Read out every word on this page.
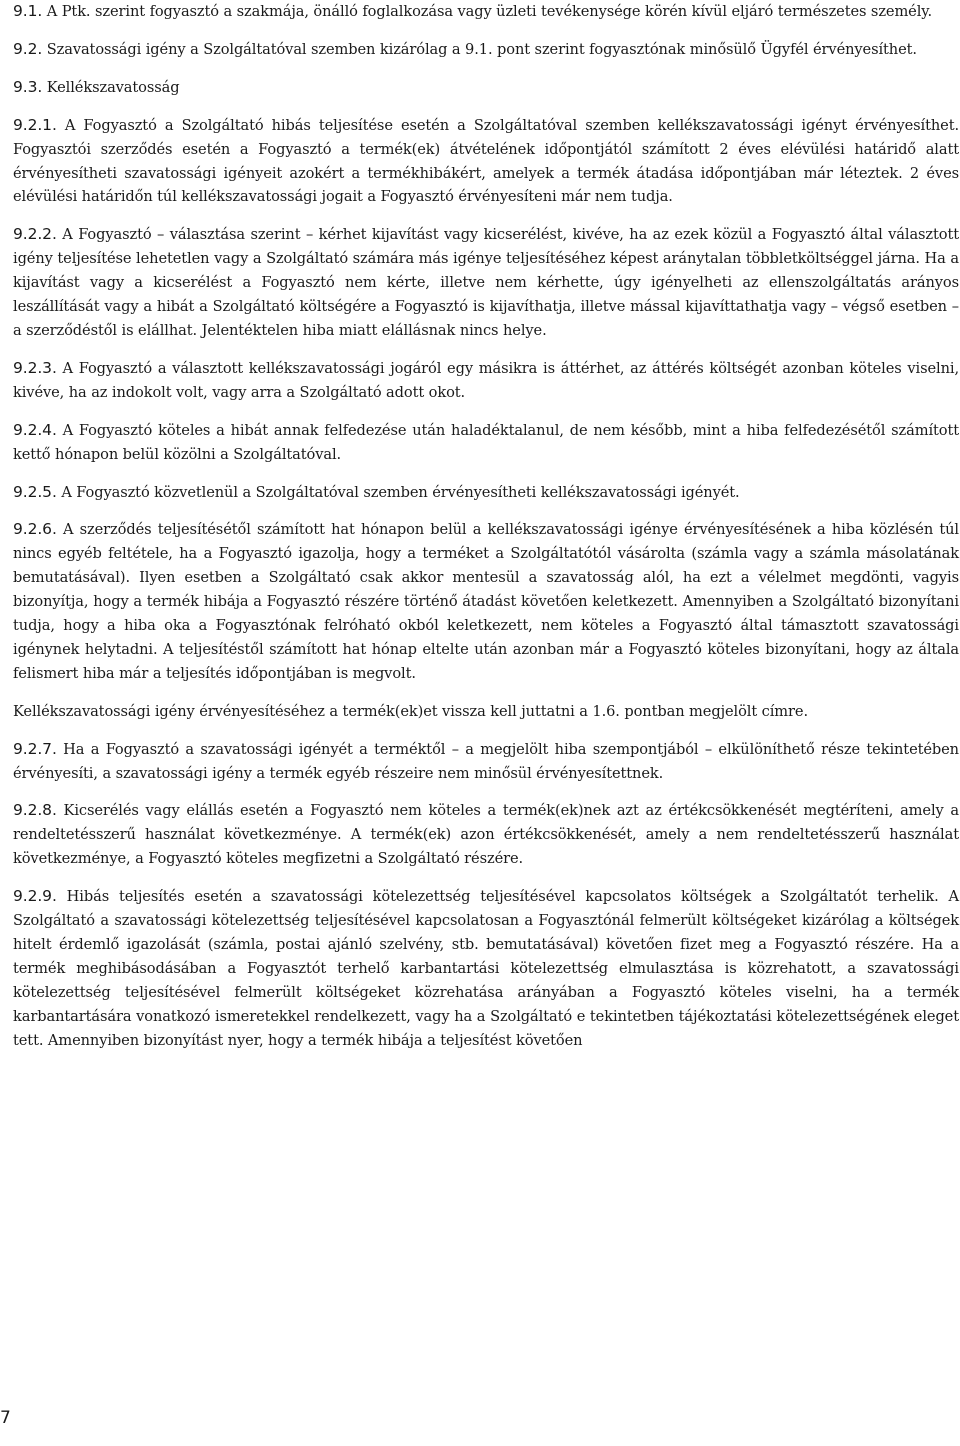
9.1. A Ptk. szerint fogyasztó a szakmája, önálló foglalkozása vagy üzleti tevékenysége körén kívül eljáró természetes személy.

9.2. Szavatossági igény a Szolgáltatóval szemben kizárólag a 9.1. pont szerint fogyasztónak minősülő Ügyfél érvényesíthet.

9.3. Kellékszavatosság

9.2.1. A Fogyasztó a Szolgáltató hibás teljesítése esetén a Szolgáltatóval szemben kellékszavatossági igényt érvényesíthet. Fogyasztói szerződés esetén a Fogyasztó a termék(ek) átvételének időpontjától számított 2 éves elévülési határidő alatt érvényesítheti szavatossági igényeit azokért a termékhibákért, amelyek a termék átadása időpontjában már léteztek. 2 éves elévülési határidőn túl kellékszavatossági jogait a Fogyasztó érvényesíteni már nem tudja.

9.2.2. A Fogyasztó – választása szerint – kérhet kijavítást vagy kicserélést, kivéve, ha az ezek közül a Fogyasztó által választott igény teljesítése lehetetlen vagy a Szolgáltató számára más igénye teljesítéséhez képest aránytalan többletköltséggel járna. Ha a kijavítást vagy a kicserélést a Fogyasztó nem kérte, illetve nem kérhette, úgy igényelheti az ellenszolgáltatás arányos leszállítását vagy a hibát a Szolgáltató költségére a Fogyasztó is kijavíthatja, illetve mással kijavíttathatja vagy – végső esetben – a szerződéstől is elállhat. Jelentéktelen hiba miatt elállásnak nincs helye.

9.2.3. A Fogyasztó a választott kellékszavatossági jogáról egy másikra is áttérhet, az áttérés költségét azonban köteles viselni, kivéve, ha az indokolt volt, vagy arra a Szolgáltató adott okot.

9.2.4. A Fogyasztó köteles a hibát annak felfedezése után haladéktalanul, de nem később, mint a hiba felfedezésétől számított kettő hónapon belül közölni a Szolgáltatóval.

9.2.5. A Fogyasztó közvetlenül a Szolgáltatóval szemben érvényesítheti kellékszavatossági igényét.

9.2.6. A szerződés teljesítésétől számított hat hónapon belül a kellékszavatossági igénye érvényesítésének a hiba közlésén túl nincs egyéb feltétele, ha a Fogyasztó igazolja, hogy a terméket a Szolgáltatótól vásárolta (számla vagy a számla másolatának bemutatásával). Ilyen esetben a Szolgáltató csak akkor mentesül a szavatosság alól, ha ezt a vélelmet megdönti, vagyis bizonyítja, hogy a termék hibája a Fogyasztó részére történő átadást követően keletkezett. Amennyiben a Szolgáltató bizonyítani tudja, hogy a hiba oka a Fogyasztónak felróható okból keletkezett, nem köteles a Fogyasztó által támasztott szavatossági igénynek helytadni. A teljesítéstől számított hat hónap eltelte után azonban már a Fogyasztó köteles bizonyítani, hogy az általa felismert hiba már a teljesítés időpontjában is megvolt.

Kellékszavatossági igény érvényesítéséhez a termék(ek)et vissza kell juttatni a 1.6. pontban megjelölt címre.

9.2.7. Ha a Fogyasztó a szavatossági igényét a terméktől – a megjelölt hiba szempontjából – elkülöníthető része tekintetében érvényesíti, a szavatossági igény a termék egyéb részeire nem minősül érvényesítettnek.

9.2.8. Kicserélés vagy elállás esetén a Fogyasztó nem köteles a termék(ek)nek azt az értékcsökkenését megtéríteni, amely a rendeltetésszerű használat következménye. A termék(ek) azon értékcsökkenését, amely a nem rendeltetésszerű használat következménye, a Fogyasztó köteles megfizetni a Szolgáltató részére.

9.2.9. Hibás teljesítés esetén a szavatossági kötelezettség teljesítésével kapcsolatos költségek a Szolgáltatót terhelik. A Szolgáltató a szavatossági kötelezettség teljesítésével kapcsolatosan a Fogyasztónál felmerült költségeket kizárólag a költségek hitelt érdemlő igazolását (számla, postai ajánló szelvény, stb. bemutatásával) követően fizet meg a Fogyasztó részére. Ha a termék meghibásodásában a Fogyasztót terhelő karbantartási kötelezettség elmulasztása is közrehatott, a szavatossági kötelezettség teljesítésével felmerült költségeket közrehatása arányában a Fogyasztó köteles viselni, ha a termék karbantartására vonatkozó ismeretekkel rendelkezett, vagy ha a Szolgáltató e tekintetben tájékoztatási kötelezettségének eleget tett. Amennyiben bizonyítást nyer, hogy a termék hibája a teljesítést követően

7
